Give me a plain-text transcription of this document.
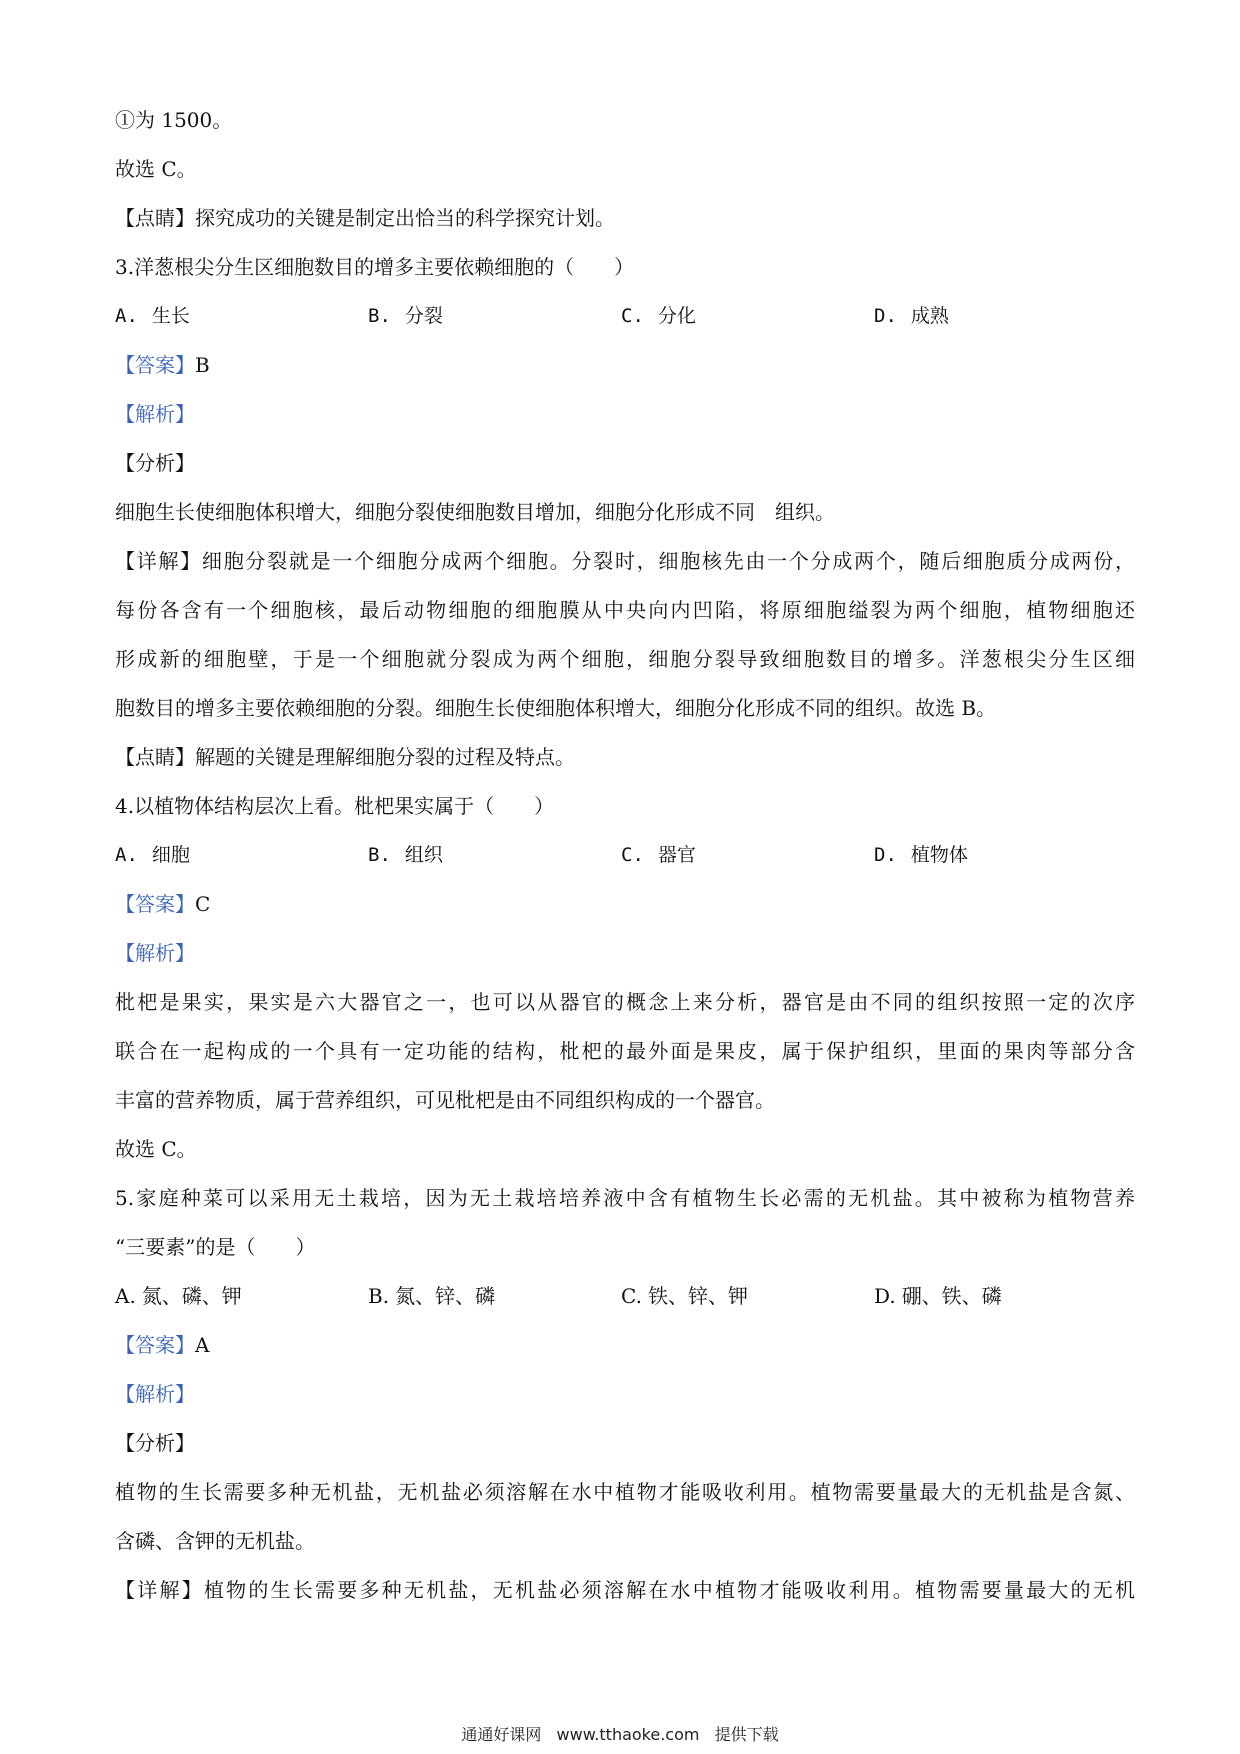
①为 1500。
故选 C。
【点睛】探究成功的关键是制定出恰当的科学探究计划。
3.洋葱根尖分生区细胞数目的增多主要依赖细胞的（　　）
A. 生长	B. 分裂	C. 分化	D. 成熟
【答案】B
【解析】
【分析】
细胞生长使细胞体积增大，细胞分裂使细胞数目增加，细胞分化形成不同　组织。
【详解】细胞分裂就是一个细胞分成两个细胞。分裂时，细胞核先由一个分成两个，随后细胞质分成两份，
每份各含有一个细胞核，最后动物细胞的细胞膜从中央向内凹陷，将原细胞缢裂为两个细胞，植物细胞还
形成新的细胞壁，于是一个细胞就分裂成为两个细胞，细胞分裂导致细胞数目的增多。洋葱根尖分生区细
胞数目的增多主要依赖细胞的分裂。细胞生长使细胞体积增大，细胞分化形成不同的组织。故选 B。
【点睛】解题的关键是理解细胞分裂的过程及特点。
4.以植物体结构层次上看。枇杷果实属于（　　）
A. 细胞	B. 组织	C. 器官	D. 植物体
【答案】C
【解析】
枇杷是果实，果实是六大器官之一，也可以从器官的概念上来分析，器官是由不同的组织按照一定的次序
联合在一起构成的一个具有一定功能的结构，枇杷的最外面是果皮，属于保护组织，里面的果肉等部分含
丰富的营养物质，属于营养组织，可见枇杷是由不同组织构成的一个器官。
故选 C。
5.家庭种菜可以采用无土栽培，因为无土栽培培养液中含有植物生长必需的无机盐。其中被称为植物营养
“三要素”的是（　　）
A. 氮、磷、钾	B. 氮、锌、磷	C. 铁、锌、钾	D. 硼、铁、磷
【答案】A
【解析】
【分析】
植物的生长需要多种无机盐，无机盐必须溶解在水中植物才能吸收利用。植物需要量最大的无机盐是含氮、
含磷、含钾的无机盐。
【详解】植物的生长需要多种无机盐，无机盐必须溶解在水中植物才能吸收利用。植物需要量最大的无机
通通好课网 www.tthaoke.com 提供下载
